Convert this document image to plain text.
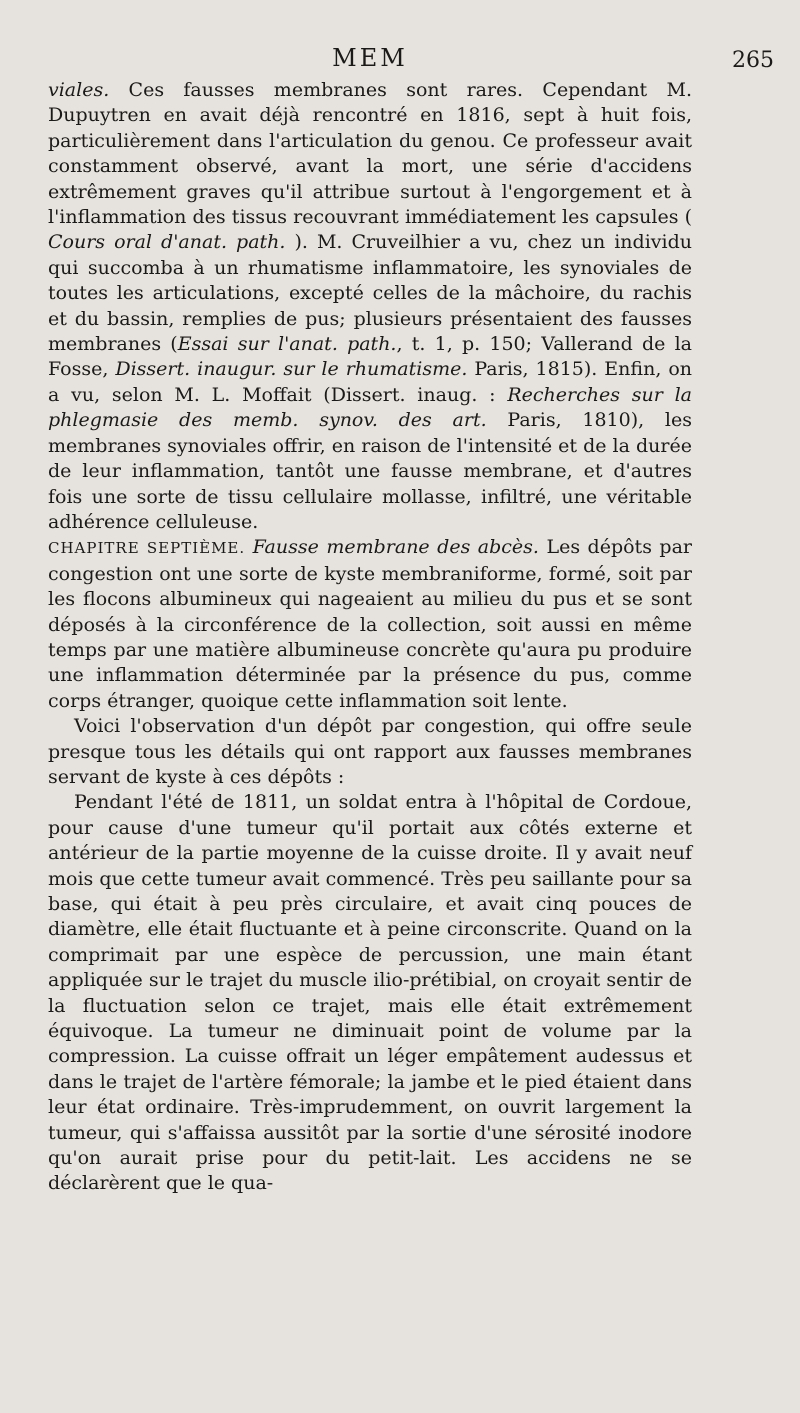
MEM	265

viales. Ces fausses membranes sont rares. Cependant M. Dupuytren en avait déjà rencontré en 1816, sept à huit fois, particulièrement dans l'articulation du genou. Ce professeur avait constamment observé, avant la mort, une série d'accidens extrêmement graves qu'il attribue surtout à l'engorgement et à l'inflammation des tissus recouvrant immédiatement les capsules ( Cours oral d'anat. path. ). M. Cruveilhier a vu, chez un individu qui succomba à un rhumatisme inflammatoire, les synoviales de toutes les articulations, excepté celles de la mâchoire, du rachis et du bassin, remplies de pus; plusieurs présentaient des fausses membranes (Essai sur l'anat. path., t. 1, p. 150; Vallerand de la Fosse, Dissert. inaugur. sur le rhumatisme. Paris, 1815). Enfin, on a vu, selon M. L. Moffait (Dissert. inaug. : Recherches sur la phlegmasie des memb. synov. des art. Paris, 1810), les membranes synoviales offrir, en raison de l'intensité et de la durée de leur inflammation, tantôt une fausse membrane, et d'autres fois une sorte de tissu cellulaire mollasse, infiltré, une véritable adhérence celluleuse.

CHAPITRE SEPTIÈME. Fausse membrane des abcès. Les dépôts par congestion ont une sorte de kyste membraniforme, formé, soit par les flocons albumineux qui nageaient au milieu du pus et se sont déposés à la circonférence de la collection, soit aussi en même temps par une matière albumineuse concrète qu'aura pu produire une inflammation déterminée par la présence du pus, comme corps étranger, quoique cette inflammation soit lente.

Voici l'observation d'un dépôt par congestion, qui offre seule presque tous les détails qui ont rapport aux fausses membranes servant de kyste à ces dépôts :

Pendant l'été de 1811, un soldat entra à l'hôpital de Cordoue, pour cause d'une tumeur qu'il portait aux côtés externe et antérieur de la partie moyenne de la cuisse droite. Il y avait neuf mois que cette tumeur avait commencé. Très peu saillante pour sa base, qui était à peu près circulaire, et avait cinq pouces de diamètre, elle était fluctuante et à peine circonscrite. Quand on la comprimait par une espèce de percussion, une main étant appliquée sur le trajet du muscle ilio-prétibial, on croyait sentir de la fluctuation selon ce trajet, mais elle était extrêmement équivoque. La tumeur ne diminuait point de volume par la compression. La cuisse offrait un léger empâtement audessus et dans le trajet de l'artère fémorale; la jambe et le pied étaient dans leur état ordinaire. Très-imprudemment, on ouvrit largement la tumeur, qui s'affaissa aussitôt par la sortie d'une sérosité inodore qu'on aurait prise pour du petit-lait. Les accidens ne se déclarèrent que le qua-
